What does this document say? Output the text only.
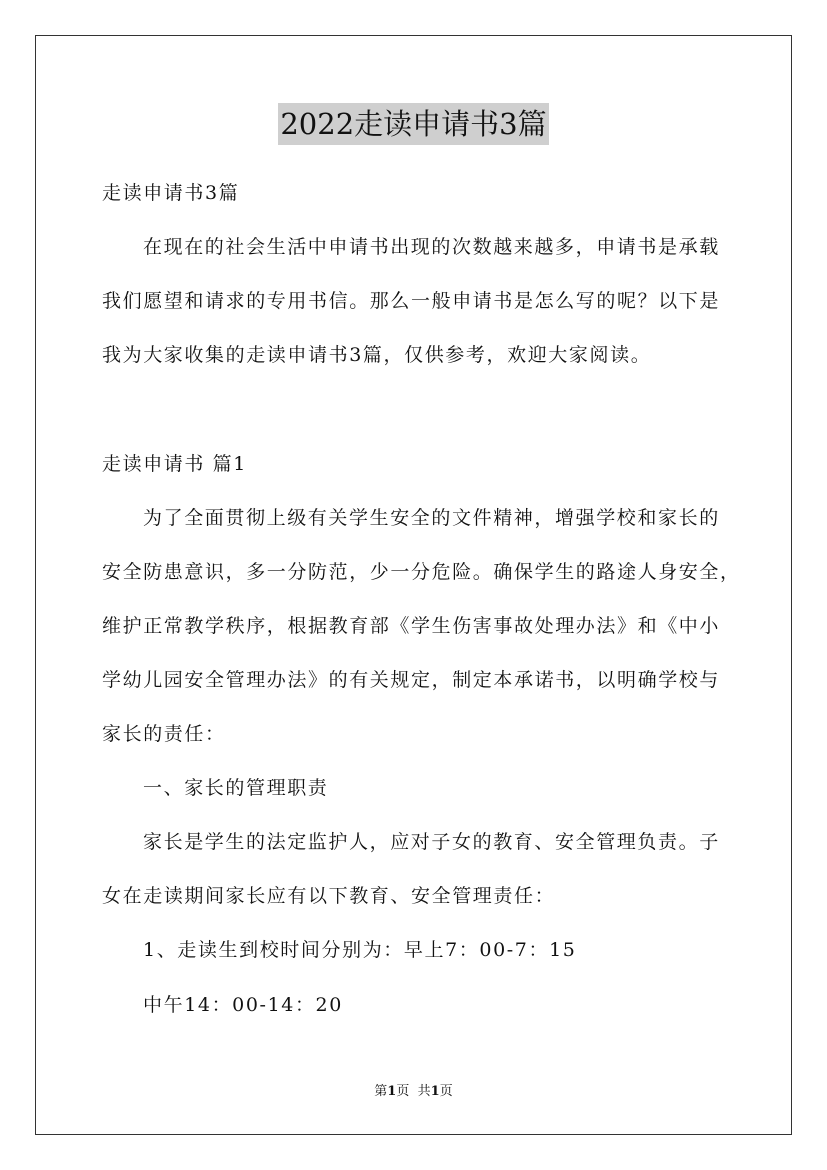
2022走读申请书3篇
走读申请书3篇
在现在的社会生活中申请书出现的次数越来越多，申请书是承载
我们愿望和请求的专用书信。那么一般申请书是怎么写的呢？以下是
我为大家收集的走读申请书3篇，仅供参考，欢迎大家阅读。
走读申请书 篇1
为了全面贯彻上级有关学生安全的文件精神，增强学校和家长的
安全防患意识，多一分防范，少一分危险。确保学生的路途人身安全，
维护正常教学秩序，根据教育部《学生伤害事故处理办法》和《中小
学幼儿园安全管理办法》的有关规定，制定本承诺书，以明确学校与
家长的责任：
一、家长的管理职责
家长是学生的法定监护人，应对子女的教育、安全管理负责。子
女在走读期间家长应有以下教育、安全管理责任：
1、走读生到校时间分别为：早上7：00-7：15
中午14：00-14：20
第1页 共1页
